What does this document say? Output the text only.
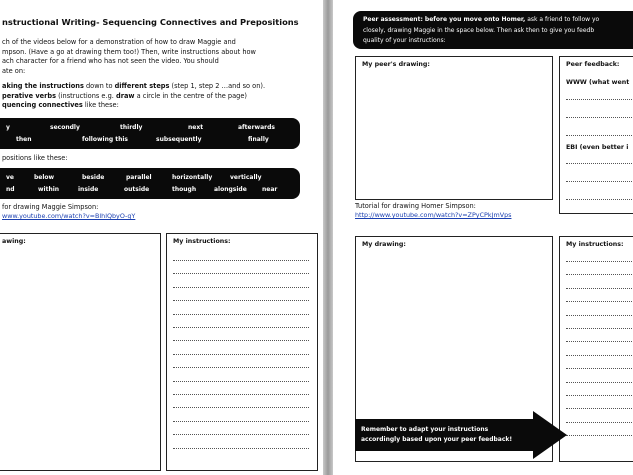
nstructional Writing- Sequencing Connectives and Prepositions
ch of the videos below for a demonstration of how to draw Maggie and
mpson. (Have a go at drawing them too!) Then, write instructions about how
ach character for a friend who has not seen the video. You should
ate on:
aking the instructions down to different steps (step 1, step 2 …and so on).
perative verbs (instructions e.g. draw a circle in the centre of the page)
quencing connectives like these:
y	secondly	thirdly	next	afterwards
then	following this	subsequently	finally
positions like these:
ve	below	beside	parallel	horizontally	vertically
nd	within	inside	outside	though	alongside	near
for drawing Maggie Simpson:
www.youtube.com/watch?v=BlhlQbyO-gY
awing:	My instructions:
Peer assessment: before you move onto Homer, ask a friend to follow yo
closely, drawing Maggie in the space below. Then ask then to give you feedb
quality of your instructions:
My peer's drawing:	Peer feedback:
WWW (what went
EBI (even better i
Tutorial for drawing Homer Simpson:
http://www.youtube.com/watch?v=ZPyCPkJmVps
My drawing:	My instructions:
Remember to adapt your instructions
accordingly based upon your peer feedback!
